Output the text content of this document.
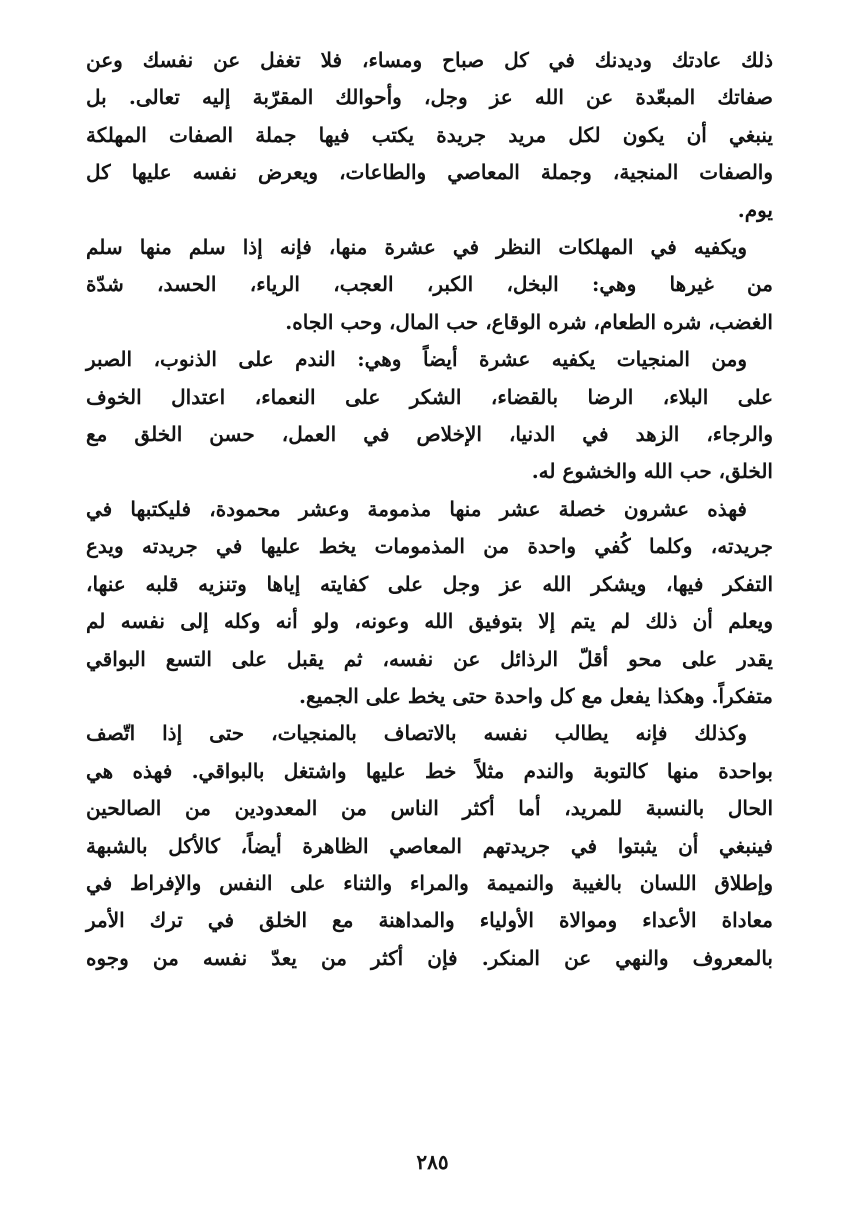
ذلك عادتك وديدنك في كل صباح ومساء، فلا تغفل عن نفسك وعن
صفاتك المبعّدة عن الله عز وجل، وأحوالك المقرّبة إليه تعالى. بل
ينبغي أن يكون لكل مريد جريدة يكتب فيها جملة الصفات المهلكة
والصفات المنجية، وجملة المعاصي والطاعات، ويعرض نفسه عليها كل
يوم.
ويكفيه في المهلكات النظر في عشرة منها، فإنه إذا سلم منها سلم
من غيرها وهي: البخل، الكبر، العجب، الرياء، الحسد، شدّة
الغضب، شره الطعام، شره الوقاع، حب المال، وحب الجاه.
ومن المنجيات يكفيه عشرة أيضاً وهي: الندم على الذنوب، الصبر
على البلاء، الرضا بالقضاء، الشكر على النعماء، اعتدال الخوف
والرجاء، الزهد في الدنيا، الإخلاص في العمل، حسن الخلق مع
الخلق، حب الله والخشوع له.
فهذه عشرون خصلة عشر منها مذمومة وعشر محمودة، فليكتبها في
جريدته، وكلما كُفي واحدة من المذمومات يخط عليها في جريدته ويدع
التفكر فيها، ويشكر الله عز وجل على كفايته إياها وتنزيه قلبه عنها،
ويعلم أن ذلك لم يتم إلا بتوفيق الله وعونه، ولو أنه وكله إلى نفسه لم
يقدر على محو أقلّ الرذائل عن نفسه، ثم يقبل على التسع البواقي
متفكراً. وهكذا يفعل مع كل واحدة حتى يخط على الجميع.
وكذلك فإنه يطالب نفسه بالاتصاف بالمنجيات، حتى إذا اتّصف
بواحدة منها كالتوبة والندم مثلاً خط عليها واشتغل بالبواقي. فهذه هي
الحال بالنسبة للمريد، أما أكثر الناس من المعدودين من الصالحين
فينبغي أن يثبتوا في جريدتهم المعاصي الظاهرة أيضاً، كالأكل بالشبهة
وإطلاق اللسان بالغيبة والنميمة والمراء والثناء على النفس والإفراط في
معاداة الأعداء وموالاة الأولياء والمداهنة مع الخلق في ترك الأمر
بالمعروف والنهي عن المنكر. فإن أكثر من يعدّ نفسه من وجوه
٢٨٥
